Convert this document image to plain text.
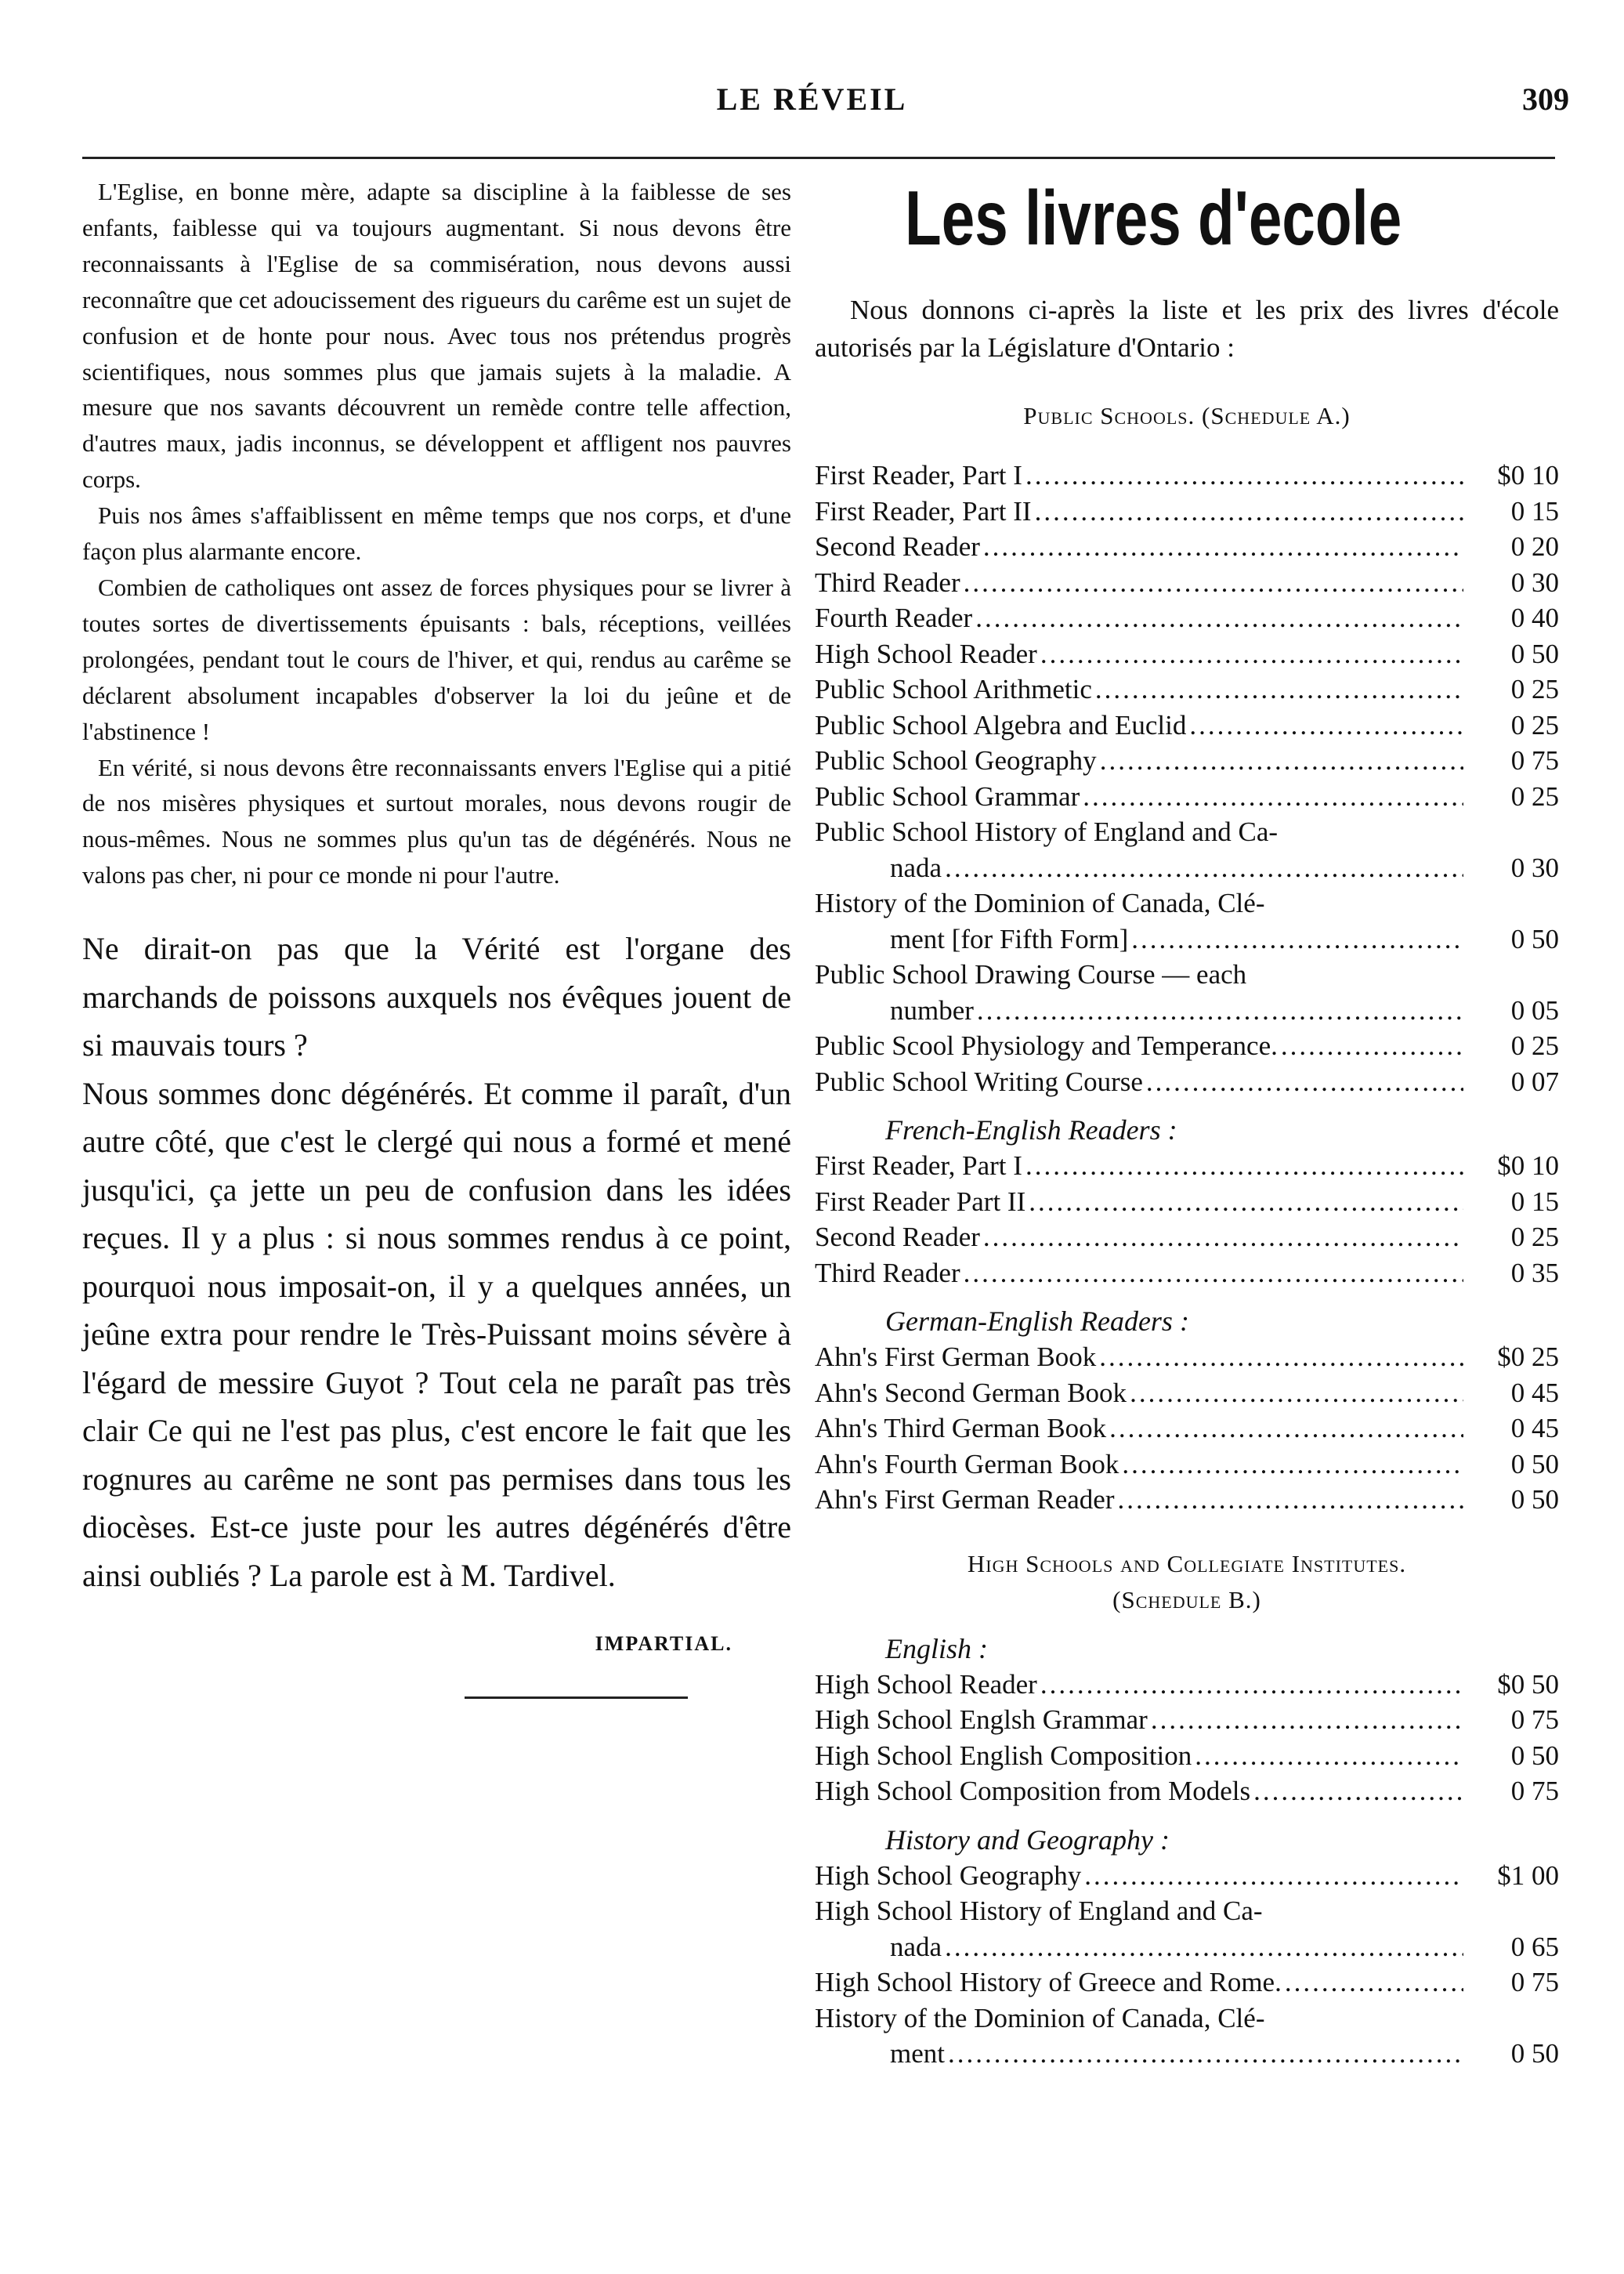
LE RÉVEIL	309

L'Eglise, en bonne mère, adapte sa discipline à la faiblesse de ses enfants, faiblesse qui va toujours augmentant. Si nous devons être reconnaissants à l'Eglise de sa commisération, nous devons aussi reconnaître que cet adoucissement des rigueurs du carême est un sujet de confusion et de honte pour nous. Avec tous nos prétendus progrès scientifiques, nous sommes plus que jamais sujets à la maladie. A mesure que nos savants découvrent un remède contre telle affection, d'autres maux, jadis inconnus, se développent et affligent nos pauvres corps.

Puis nos âmes s'affaiblissent en même temps que nos corps, et d'une façon plus alarmante encore.

Combien de catholiques ont assez de forces physiques pour se livrer à toutes sortes de divertissements épuisants : bals, réceptions, veillées prolongées, pendant tout le cours de l'hiver, et qui, rendus au carême se déclarent absolument incapables d'observer la loi du jeûne et de l'abstinence !

En vérité, si nous devons être reconnaissants envers l'Eglise qui a pitié de nos misères physiques et surtout morales, nous devons rougir de nous-mêmes. Nous ne sommes plus qu'un tas de dégénérés. Nous ne valons pas cher, ni pour ce monde ni pour l'autre.

Ne dirait-on pas que la Vérité est l'organe des marchands de poissons auxquels nos évêques jouent de si mauvais tours ?

Nous sommes donc dégénérés. Et comme il paraît, d'un autre côté, que c'est le clergé qui nous a formé et mené jusqu'ici, ça jette un peu de confusion dans les idées reçues. Il y a plus : si nous sommes rendus à ce point, pourquoi nous imposait-on, il y a quelques années, un jeûne extra pour rendre le Très-Puissant moins sévère à l'égard de messire Guyot ? Tout cela ne paraît pas très clair Ce qui ne l'est pas plus, c'est encore le fait que les rognures au carême ne sont pas permises dans tous les diocèses. Est-ce juste pour les autres dégénérés d'être ainsi oubliés ? La parole est à M. Tardivel.

IMPARTIAL.
Les livres d'ecole

Nous donnons ci-après la liste et les prix des livres d'école autorisés par la Législature d'Ontario :

Public Schools. (Schedule A.)
First Reader, Part I .....	$0 10
First Reader, Part II .....	0 15
Second Reader .....	0 20
Third Reader .....	0 30
Fourth Reader .....	0 40
High School Reader .....	0 50
Public School Arithmetic .....	0 25
Public School Algebra and Euclid .....	0 25
Public School Geography .....	0 75
Public School Grammar .....	0 25
Public School History of England and Ca-
nada .....	0 30
History of the Dominion of Canada, Clé-
ment [for Fifth Form] .....	0 50
Public School Drawing Course — each
number .....	0 05
Public Scool Physiology and Temperance. .....	0 25
Public School Writing Course .....	0 07
French-English Readers :
First Reader, Part I .....	$0 10
First Reader Part II .....	0 15
Second Reader .....	0 25
Third Reader .....	0 35
German-English Readers :
Ahn's First German Book .....	$0 25
Ahn's Second German Book .....	0 45
Ahn's Third German Book .....	0 45
Ahn's Fourth German Book .....	0 50
Ahn's First German Reader .....	0 50
High Schools and Collegiate Institutes.
(Schedule B.)
English :
High School Reader .....	$0 50
High School Englsh Grammar .....	0 75
High School English Composition .....	0 50
High School Composition from Models .....	0 75
History and Geography :
High School Geography .....	$1 00
High School History of England and Ca-
nada .....	0 65
High School History of Greece and Rome. .....	0 75
History of the Dominion of Canada, Clé-
ment .....	0 50
